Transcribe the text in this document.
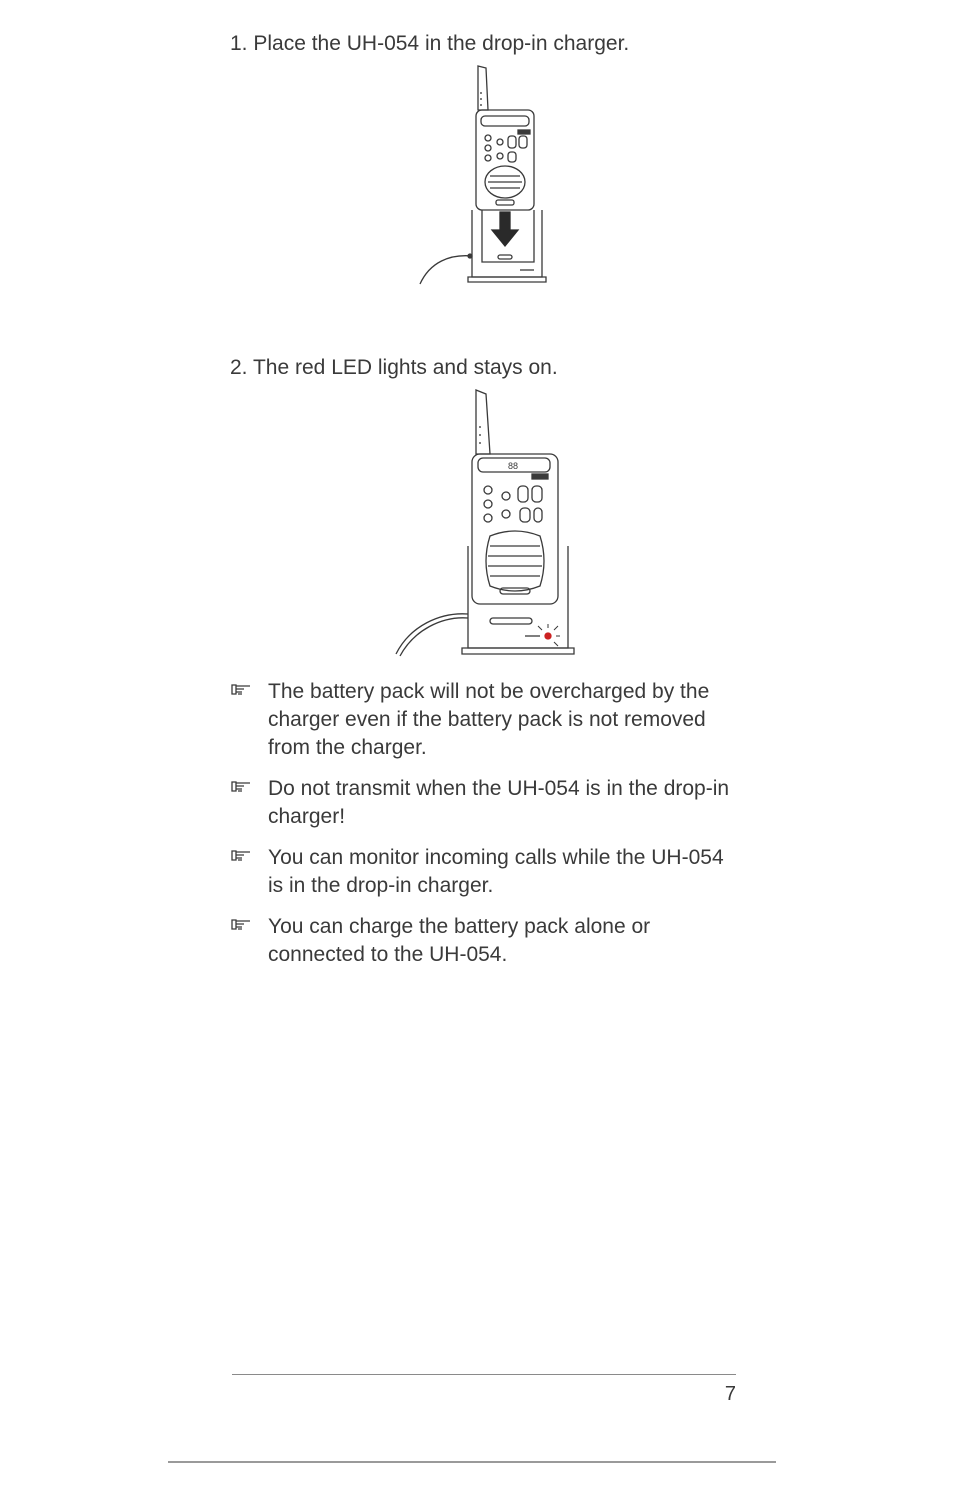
1. Place the UH-054 in the drop-in charger.
2. The red LED lights and stays on.
88
The battery pack will not be overcharged by the charger even if the battery pack is not removed from the charger.
Do not transmit when the UH-054 is in the drop-in charger!
You can monitor incoming calls while the UH-054 is in the drop-in charger.
You can charge the battery pack alone or connected to the UH-054.
7
